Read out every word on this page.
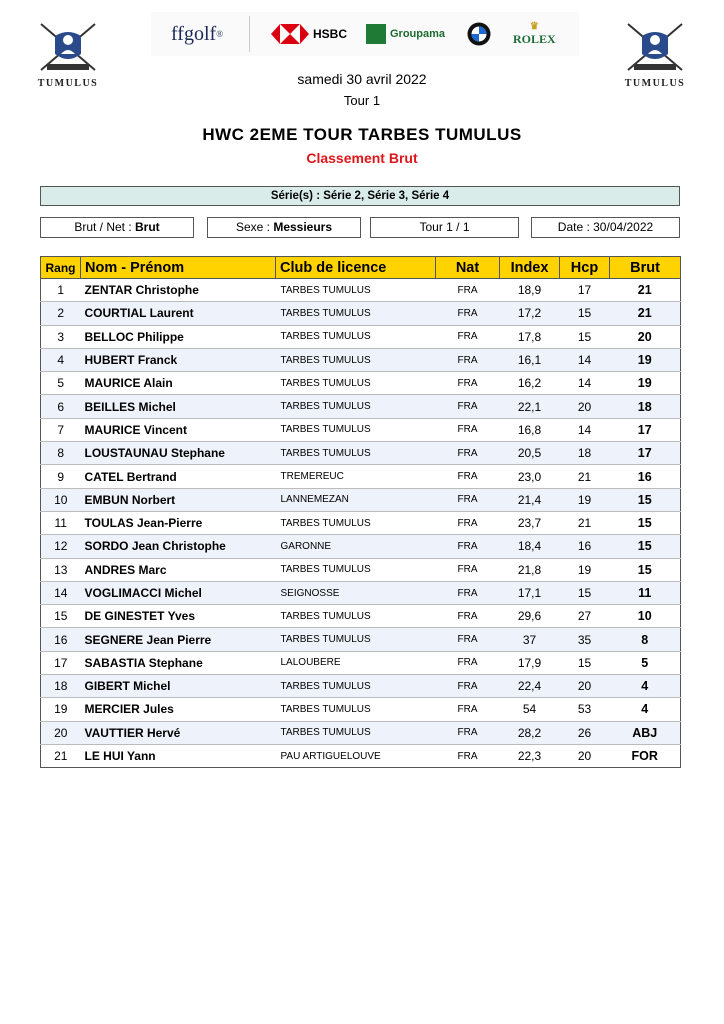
TUMULUS	TUMULUS
ffgolf ®	HSBC	Groupama
♛
ROLEX
samedi 30 avril 2022
Tour 1
HWC 2EME TOUR TARBES TUMULUS
Classement Brut
Série(s) : Série 2, Série 3, Série 4
Brut / Net : Brut	Sexe : Messieurs	Tour 1 / 1	Date : 30/04/2022
Rang	Nom - Prénom	Club de licence	Nat	Index	Hcp	Brut
1	ZENTAR Christophe	TARBES TUMULUS	FRA	18,9	17	21
2	COURTIAL Laurent	TARBES TUMULUS	FRA	17,2	15	21
3	BELLOC Philippe	TARBES TUMULUS	FRA	17,8	15	20
4	HUBERT Franck	TARBES TUMULUS	FRA	16,1	14	19
5	MAURICE Alain	TARBES TUMULUS	FRA	16,2	14	19
6	BEILLES Michel	TARBES TUMULUS	FRA	22,1	20	18
7	MAURICE Vincent	TARBES TUMULUS	FRA	16,8	14	17
8	LOUSTAUNAU Stephane	TARBES TUMULUS	FRA	20,5	18	17
9	CATEL Bertrand	TREMEREUC	FRA	23,0	21	16
10	EMBUN Norbert	LANNEMEZAN	FRA	21,4	19	15
11	TOULAS Jean-Pierre	TARBES TUMULUS	FRA	23,7	21	15
12	SORDO Jean Christophe	GARONNE	FRA	18,4	16	15
13	ANDRES Marc	TARBES TUMULUS	FRA	21,8	19	15
14	VOGLIMACCI Michel	SEIGNOSSE	FRA	17,1	15	11
15	DE GINESTET Yves	TARBES TUMULUS	FRA	29,6	27	10
16	SEGNERE Jean Pierre	TARBES TUMULUS	FRA	37	35	8
17	SABASTIA Stephane	LALOUBERE	FRA	17,9	15	5
18	GIBERT Michel	TARBES TUMULUS	FRA	22,4	20	4
19	MERCIER Jules	TARBES TUMULUS	FRA	54	53	4
20	VAUTTIER Hervé	TARBES TUMULUS	FRA	28,2	26	ABJ
21	LE HUI Yann	PAU ARTIGUELOUVE	FRA	22,3	20	FOR
